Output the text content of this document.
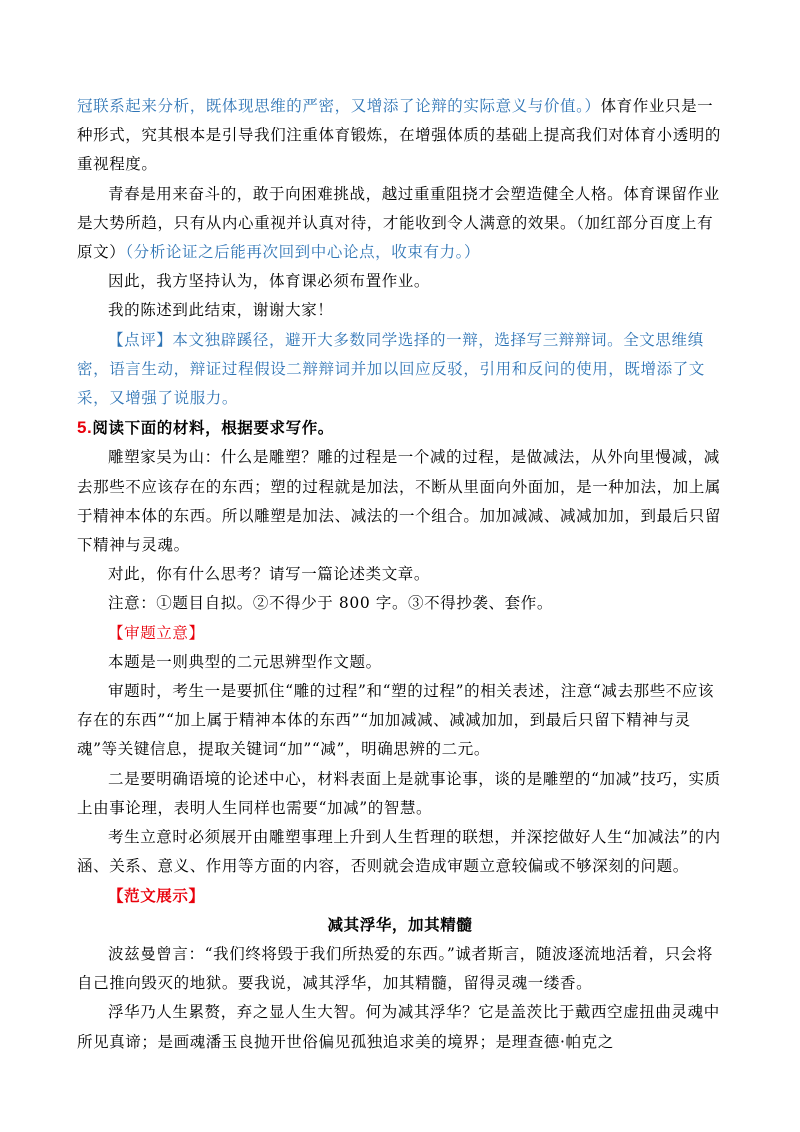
冠联系起来分析，既体现思维的严密，又增添了论辩的实际意义与价值。）体育作业只是一种形式，究其根本是引导我们注重体育锻炼，在增强体质的基础上提高我们对体育小透明的重视程度。

青春是用来奋斗的，敢于向困难挑战，越过重重阻挠才会塑造健全人格。体育课留作业是大势所趋，只有从内心重视并认真对待，才能收到令人满意的效果。（加红部分百度上有原文）（分析论证之后能再次回到中心论点，收束有力。）

因此，我方坚持认为，体育课必须布置作业。

我的陈述到此结束，谢谢大家！

【点评】本文独辟蹊径，避开大多数同学选择的一辩，选择写三辩辩词。全文思维缜密，语言生动，辩证过程假设二辩辩词并加以回应反驳，引用和反问的使用，既增添了文采，又增强了说服力。

5.阅读下面的材料，根据要求写作。

雕塑家吴为山：什么是雕塑？雕的过程是一个减的过程，是做减法，从外向里慢减，减去那些不应该存在的东西；塑的过程就是加法，不断从里面向外面加，是一种加法，加上属于精神本体的东西。所以雕塑是加法、减法的一个组合。加加减减、减减加加，到最后只留下精神与灵魂。

对此，你有什么思考？请写一篇论述类文章。

注意：①题目自拟。②不得少于 800 字。③不得抄袭、套作。

【审题立意】

本题是一则典型的二元思辨型作文题。

审题时，考生一是要抓住“雕的过程”和“塑的过程”的相关表述，注意“减去那些不应该存在的东西”“加上属于精神本体的东西”“加加减减、减减加加，到最后只留下精神与灵魂”等关键信息，提取关键词“加”“减”，明确思辨的二元。

二是要明确语境的论述中心，材料表面上是就事论事，谈的是雕塑的“加减”技巧，实质上由事论理，表明人生同样也需要“加减”的智慧。

考生立意时必须展开由雕塑事理上升到人生哲理的联想，并深挖做好人生“加减法”的内涵、关系、意义、作用等方面的内容，否则就会造成审题立意较偏或不够深刻的问题。

【范文展示】

减其浮华，加其精髓

波兹曼曾言：“我们终将毁于我们所热爱的东西。”诚者斯言，随波逐流地活着，只会将自己推向毁灭的地狱。要我说，减其浮华，加其精髓，留得灵魂一缕香。

浮华乃人生累赘，弃之显人生大智。何为减其浮华？它是盖茨比于戴西空虚扭曲灵魂中所见真谛；是画魂潘玉良抛开世俗偏见孤独追求美的境界；是理查德·帕克之
